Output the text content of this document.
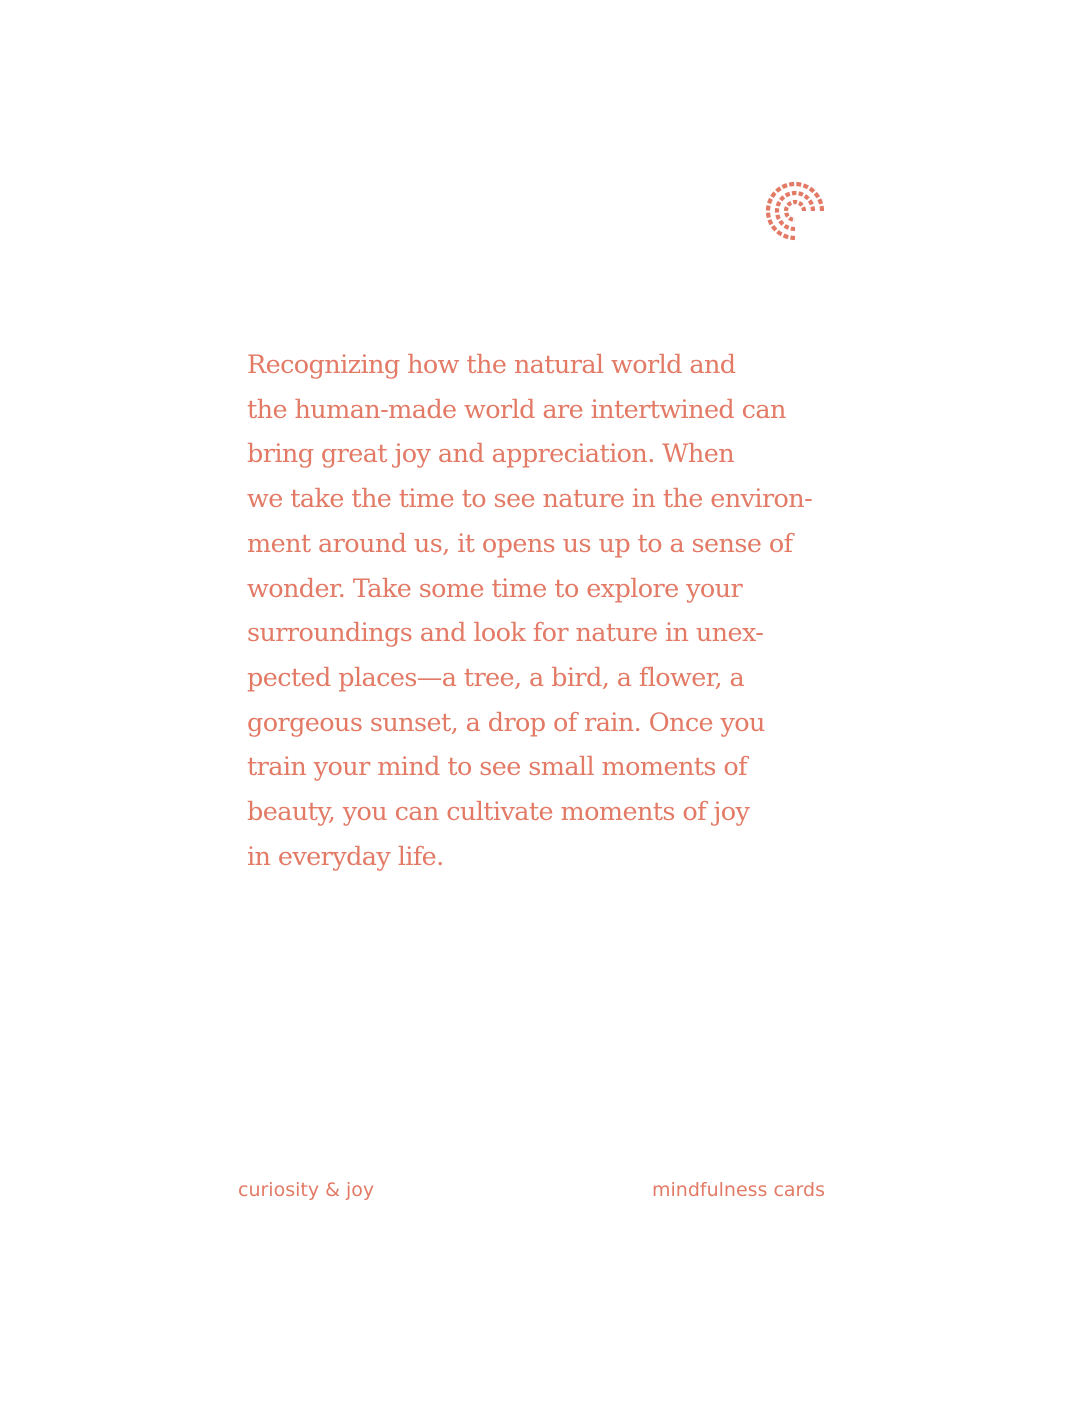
Recognizing how the natural world and
the human-made world are intertwined can
bring great joy and appreciation. When
we take the time to see nature in the environ-
ment around us, it opens us up to a sense of
wonder. Take some time to explore your
surroundings and look for nature in unex-
pected places—a tree, a bird, a flower, a
gorgeous sunset, a drop of rain. Once you
train your mind to see small moments of
beauty, you can cultivate moments of joy
in everyday life.

curiosity & joy	mindfulness cards
